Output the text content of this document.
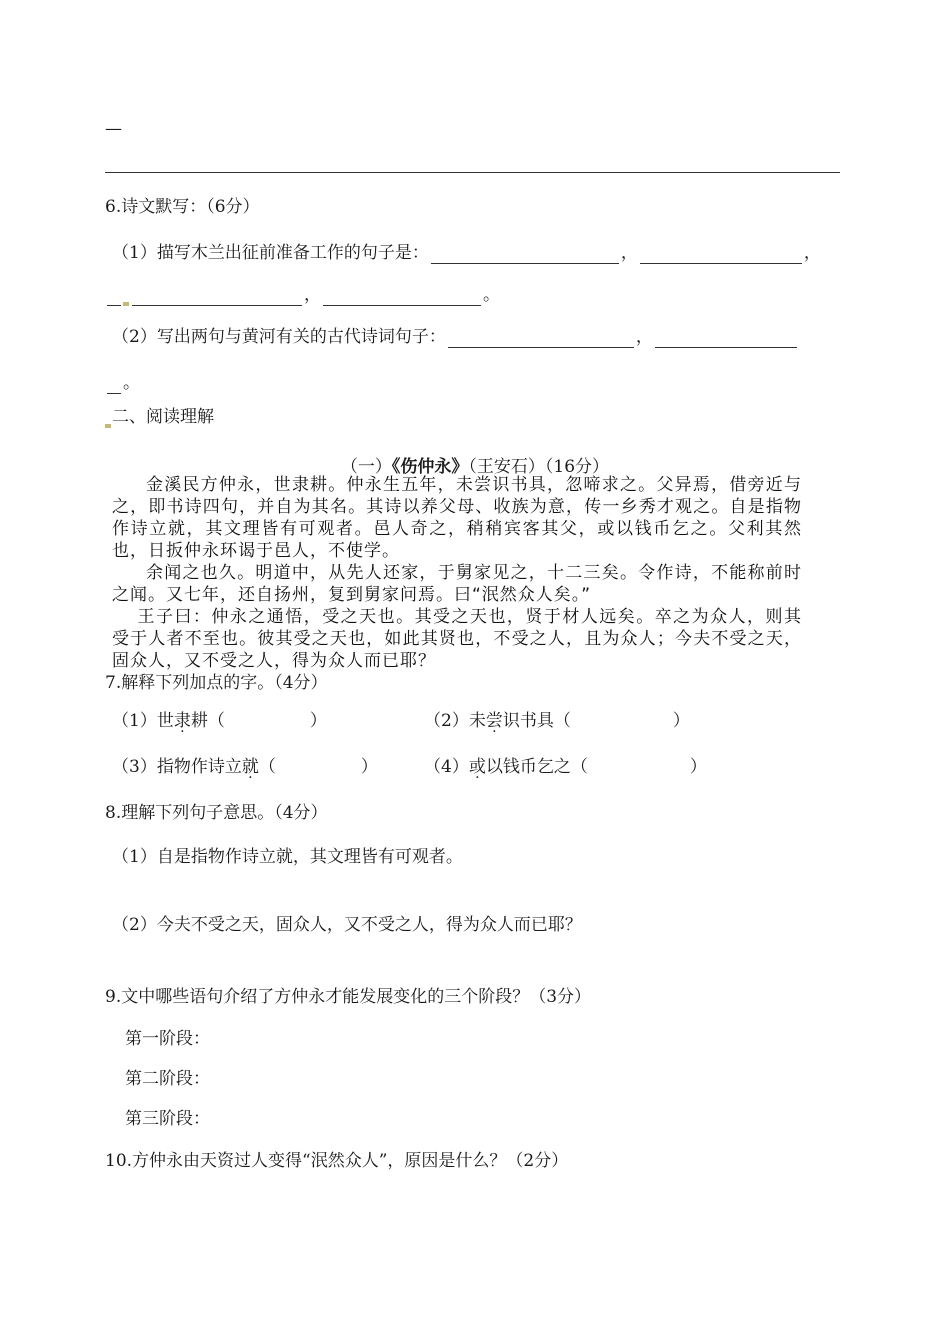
—
6.诗文默写：（6分）
（1）描写木兰出征前准备工作的句子是：	，	，
，	。
（2）写出两句与黄河有关的古代诗词句子：	，
。
二、阅读理解
（一）《伤仲永》（王安石）（16分）

金溪民方仲永，世隶耕。仲永生五年，未尝识书具，忽啼求之。父异焉，借旁近与之，即书诗四句，并自为其名。其诗以养父母、收族为意，传一乡秀才观之。自是指物作诗立就，其文理皆有可观者。邑人奇之，稍稍宾客其父，或以钱币乞之。父利其然也，日扳仲永环谒于邑人，不使学。

余闻之也久。明道中，从先人还家，于舅家见之，十二三矣。令作诗，不能称前时之闻。又七年，还自扬州，复到舅家问焉。曰“泯然众人矣。”

王子曰：仲永之通悟，受之天也。其受之天也，贤于材人远矣。卒之为众人，则其受于人者不至也。彼其受之天也，如此其贤也，不受之人，且为众人；今夫不受之天，固众人，又不受之人，得为众人而已耶？

7.解释下列加点的字。（4分）
（1）世隶耕（　　　　　）	（2）未尝识书具（　　　　　　）
（3）指物作诗立就（　　　　　）	（4）或以钱币乞之（　　　　　　）
8.理解下列句子意思。（4分）
（1）自是指物作诗立就，其文理皆有可观者。
（2）今夫不受之天，固众人，又不受之人，得为众人而已耶？
9.文中哪些语句介绍了方仲永才能发展变化的三个阶段？（3分）
第一阶段：
第二阶段：
第三阶段：
10.方仲永由天资过人变得“泯然众人”，原因是什么？（2分）
